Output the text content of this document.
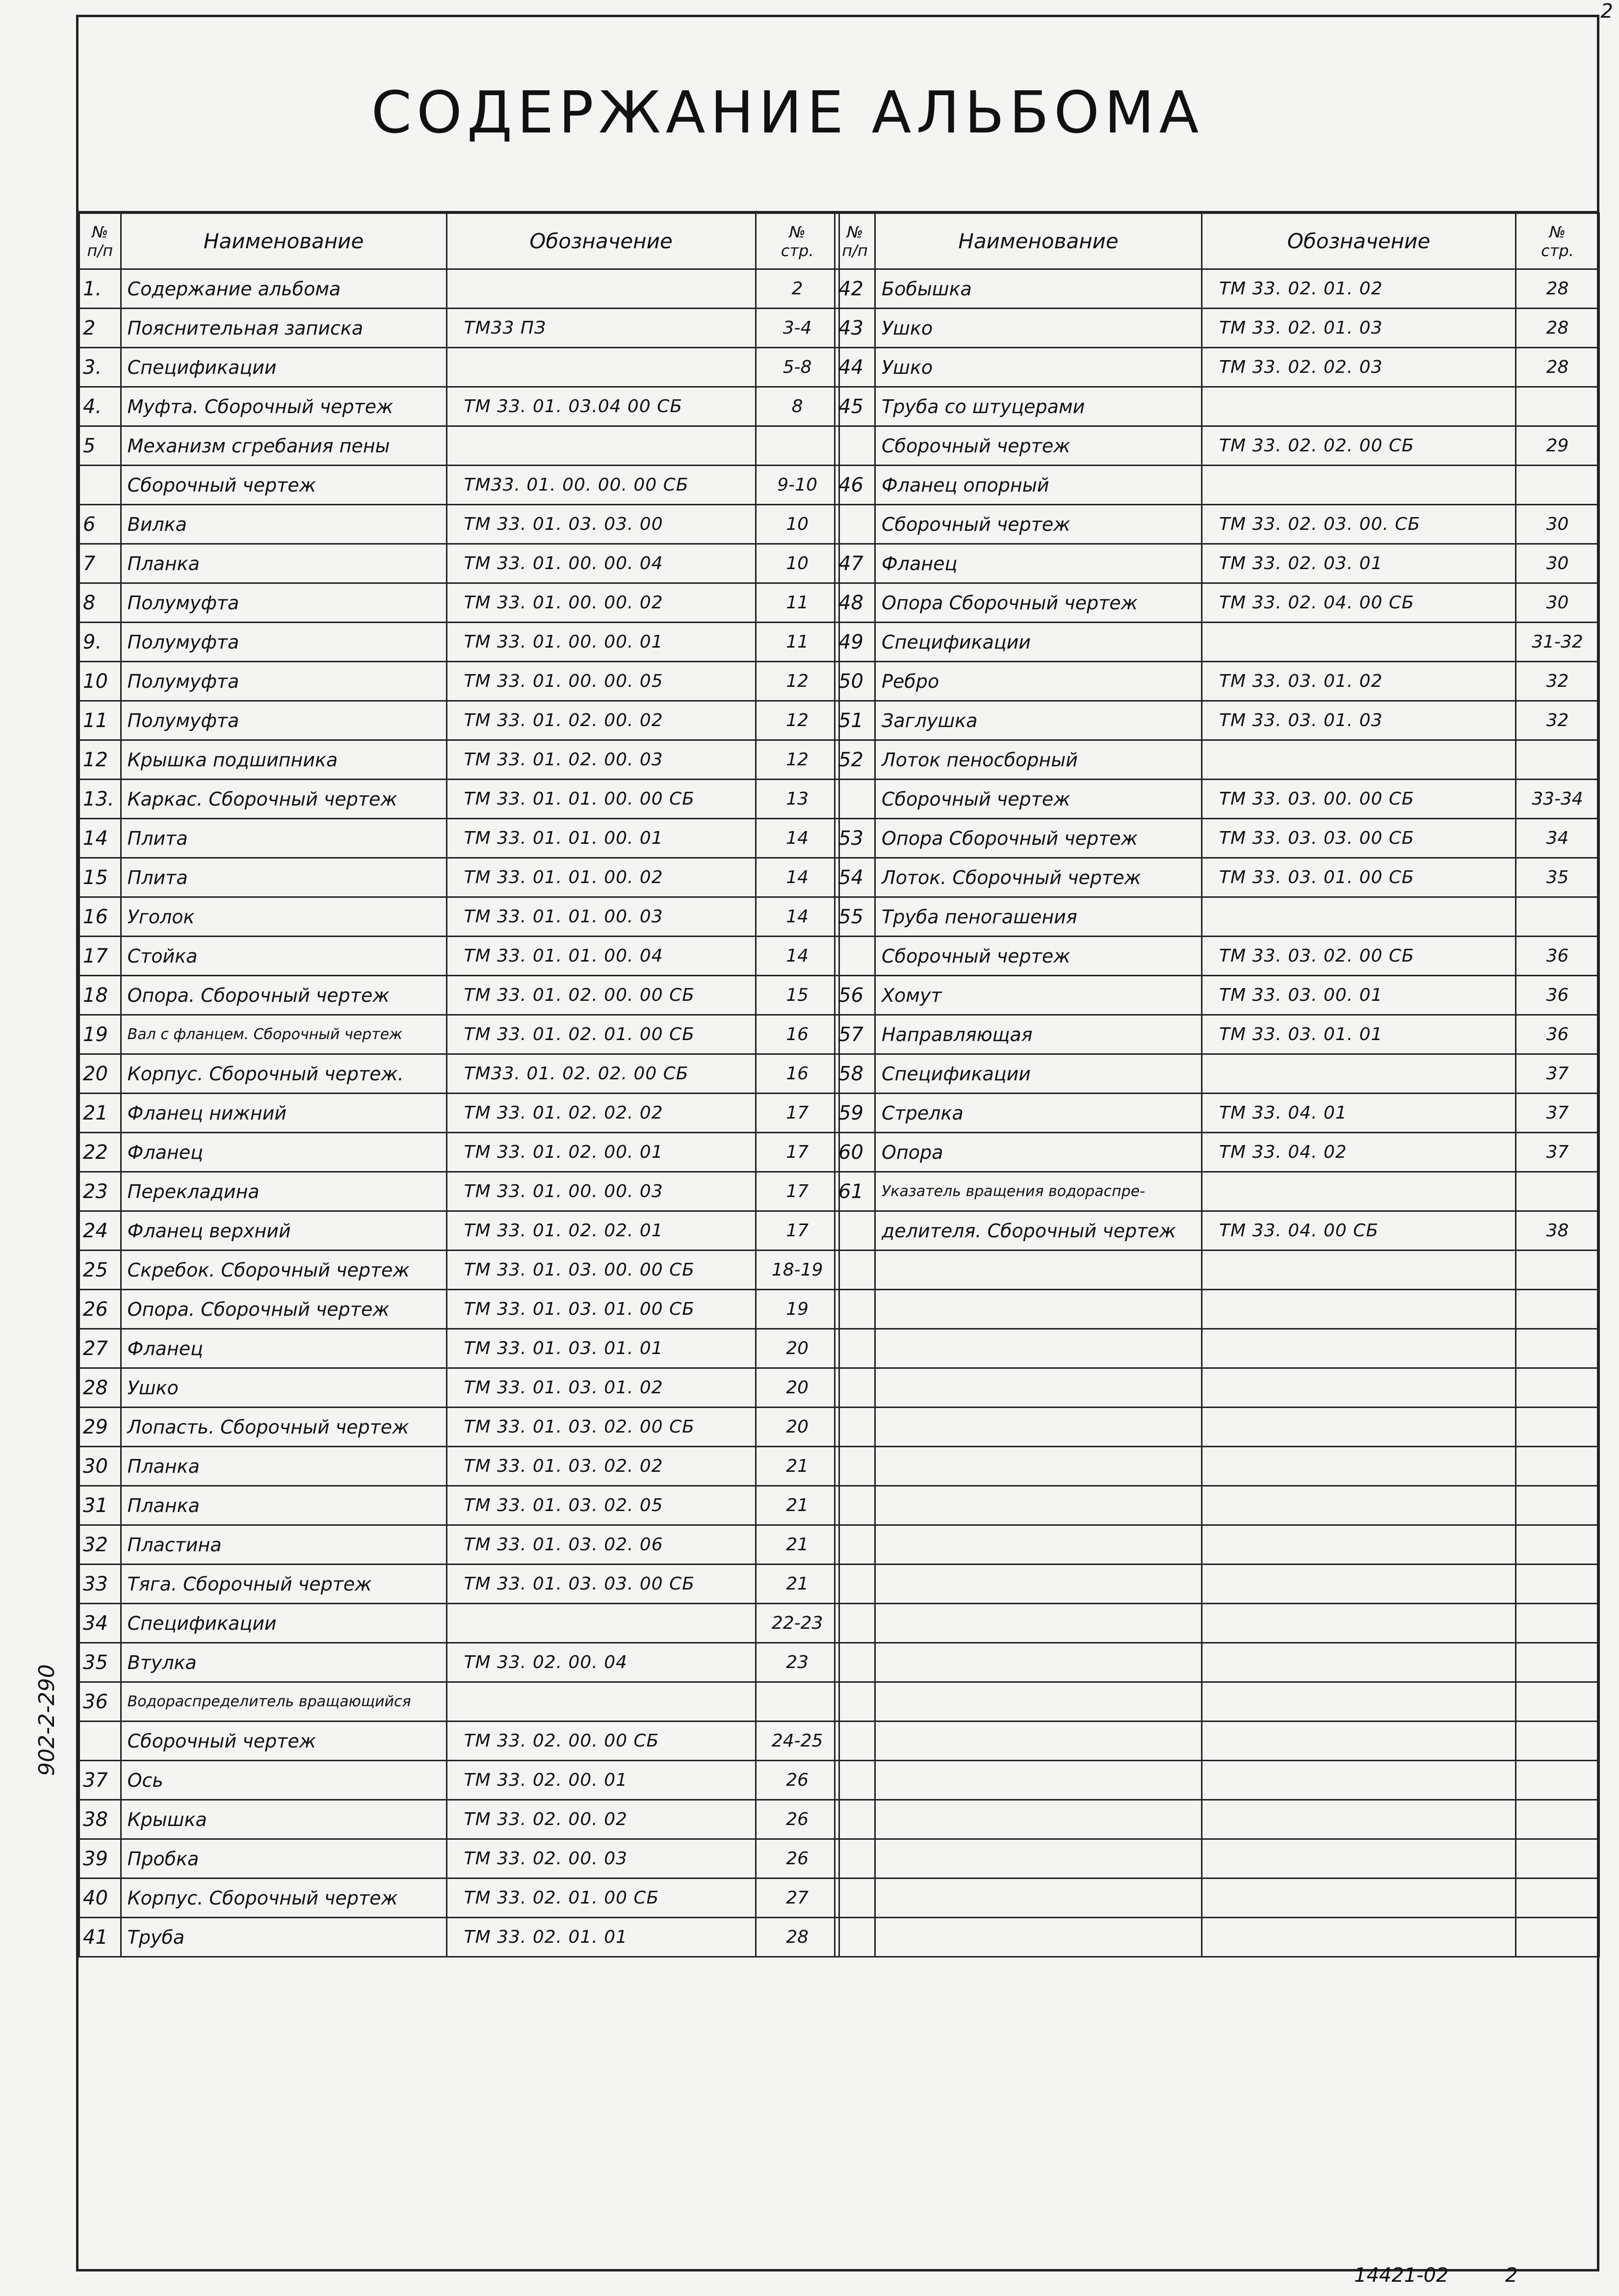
2
СОДЕРЖАНИЕ АЛЬБОМА
902-2-290
№
п/п	Наименование	Обозначение	№
стр.
1.	Содержание альбома		2
2	Пояснительная записка	ТМ33 ПЗ	3-4
3.	Спецификации		5-8
4.	Муфта. Сборочный чертеж	ТМ 33. 01. 03.04 00 СБ	8
5	Механизм сгребания пены		
	Сборочный чертеж	ТМ33. 01. 00. 00. 00 СБ	9-10
6	Вилка	ТМ 33. 01. 03. 03. 00	10
7	Планка	ТМ 33. 01. 00. 00. 04	10
8	Полумуфта	ТМ 33. 01. 00. 00. 02	11
9.	Полумуфта	ТМ 33. 01. 00. 00. 01	11
10	Полумуфта	ТМ 33. 01. 00. 00. 05	12
11	Полумуфта	ТМ 33. 01. 02. 00. 02	12
12	Крышка подшипника	ТМ 33. 01. 02. 00. 03	12
13.	Каркас. Сборочный чертеж	ТМ 33. 01. 01. 00. 00 СБ	13
14	Плита	ТМ 33. 01. 01. 00. 01	14
15	Плита	ТМ 33. 01. 01. 00. 02	14
16	Уголок	ТМ 33. 01. 01. 00. 03	14
17	Стойка	ТМ 33. 01. 01. 00. 04	14
18	Опора. Сборочный чертеж	ТМ 33. 01. 02. 00. 00 СБ	15
19	Вал с фланцем. Сборочный чертеж	ТМ 33. 01. 02. 01. 00 СБ	16
20	Корпус. Сборочный чертеж.	ТМ33. 01. 02. 02. 00 СБ	16
21	Фланец нижний	ТМ 33. 01. 02. 02. 02	17
22	Фланец	ТМ 33. 01. 02. 00. 01	17
23	Перекладина	ТМ 33. 01. 00. 00. 03	17
24	Фланец верхний	ТМ 33. 01. 02. 02. 01	17
25	Скребок. Сборочный чертеж	ТМ 33. 01. 03. 00. 00 СБ	18-19
26	Опора. Сборочный чертеж	ТМ 33. 01. 03. 01. 00 СБ	19
27	Фланец	ТМ 33. 01. 03. 01. 01	20
28	Ушко	ТМ 33. 01. 03. 01. 02	20
29	Лопасть. Сборочный чертеж	ТМ 33. 01. 03. 02. 00 СБ	20
30	Планка	ТМ 33. 01. 03. 02. 02	21
31	Планка	ТМ 33. 01. 03. 02. 05	21
32	Пластина	ТМ 33. 01. 03. 02. 06	21
33	Тяга. Сборочный чертеж	ТМ 33. 01. 03. 03. 00 СБ	21
34	Спецификации		22-23
35	Втулка	ТМ 33. 02. 00. 04	23
36	Водораспределитель вращающийся		
	Сборочный чертеж	ТМ 33. 02. 00. 00 СБ	24-25
37	Ось	ТМ 33. 02. 00. 01	26
38	Крышка	ТМ 33. 02. 00. 02	26
39	Пробка	ТМ 33. 02. 00. 03	26
40	Корпус. Сборочный чертеж	ТМ 33. 02. 01. 00 СБ	27
41	Труба	ТМ 33. 02. 01. 01	28
№
п/п	Наименование	Обозначение	№
стр.
42	Бобышка	ТМ 33. 02. 01. 02	28
43	Ушко	ТМ 33. 02. 01. 03	28
44	Ушко	ТМ 33. 02. 02. 03	28
45	Труба со штуцерами		
	Сборочный чертеж	ТМ 33. 02. 02. 00 СБ	29
46	Фланец опорный		
	Сборочный чертеж	ТМ 33. 02. 03. 00. СБ	30
47	Фланец	ТМ 33. 02. 03. 01	30
48	Опора Сборочный чертеж	ТМ 33. 02. 04. 00 СБ	30
49	Спецификации		31-32
50	Ребро	ТМ 33. 03. 01. 02	32
51	Заглушка	ТМ 33. 03. 01. 03	32
52	Лоток пеносборный		
	Сборочный чертеж	ТМ 33. 03. 00. 00 СБ	33-34
53	Опора Сборочный чертеж	ТМ 33. 03. 03. 00 СБ	34
54	Лоток. Сборочный чертеж	ТМ 33. 03. 01. 00 СБ	35
55	Труба пеногашения		
	Сборочный чертеж	ТМ 33. 03. 02. 00 СБ	36
56	Хомут	ТМ 33. 03. 00. 01	36
57	Направляющая	ТМ 33. 03. 01. 01	36
58	Спецификации		37
59	Стрелка	ТМ 33. 04. 01	37
60	Опора	ТМ 33. 04. 02	37
61	Указатель вращения водораспре-		
	делителя. Сборочный чертеж	ТМ 33. 04. 00 СБ	38

14421-02	2
